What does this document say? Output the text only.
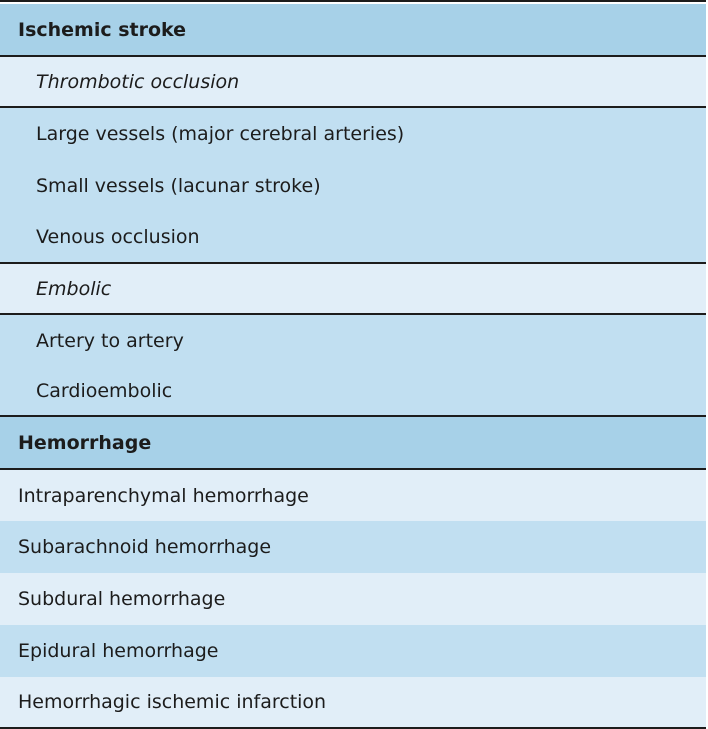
Ischemic stroke
Thrombotic occlusion
Large vessels (major cerebral arteries)
Small vessels (lacunar stroke)
Venous occlusion
Embolic
Artery to artery
Cardioembolic
Hemorrhage
Intraparenchymal hemorrhage
Subarachnoid hemorrhage
Subdural hemorrhage
Epidural hemorrhage
Hemorrhagic ischemic infarction
